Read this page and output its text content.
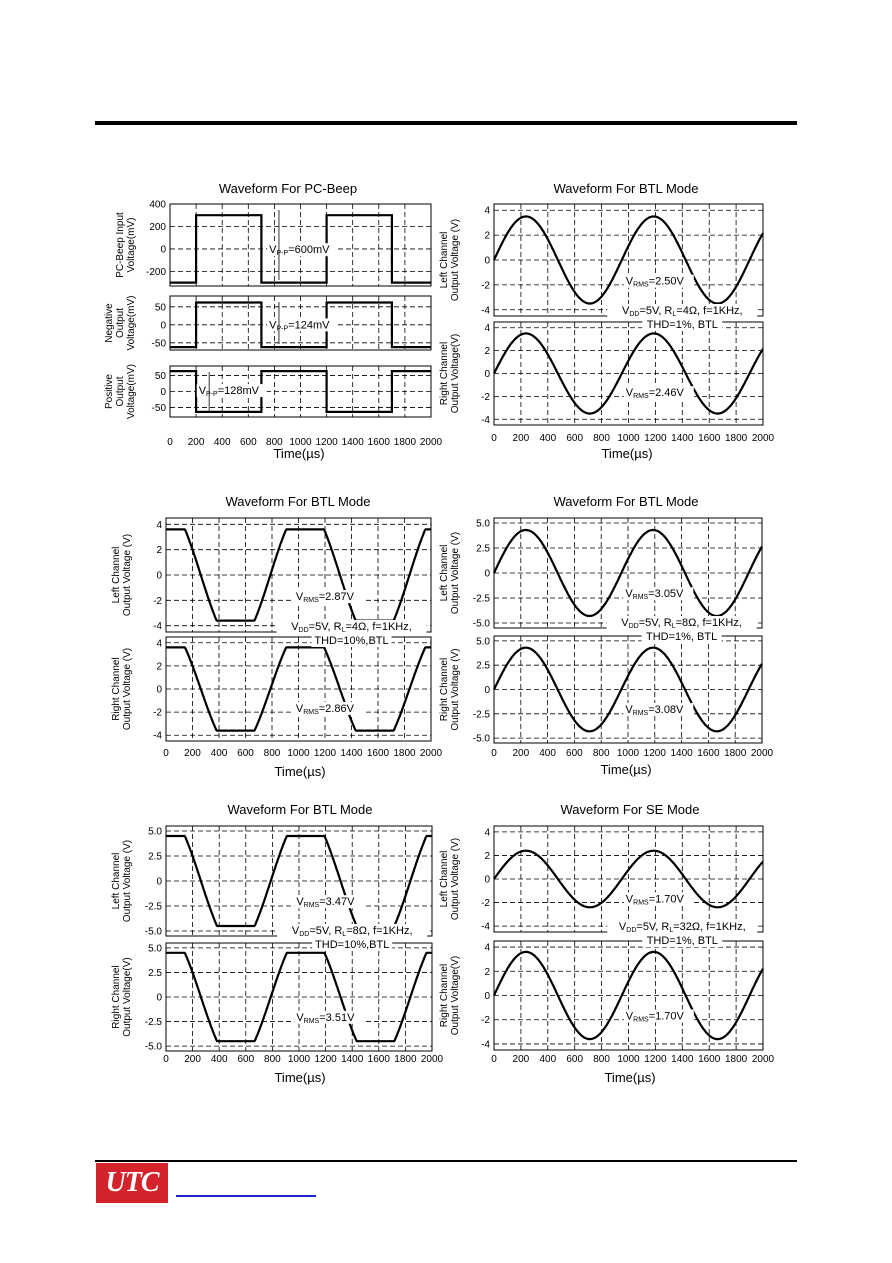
Waveform For PC-Beep
400
200
0
-200
PC-Beep Input Voltage(mV)	VP-P=600mV
50
0
-50
Negative Output Voltage(mV)	VP-P=124mV
50
0
-50
Positive Output Voltage(mV)	VP-P=128mV
0 200 400 600 800 1000 1200 1400 1600 1800 2000
Time(µs)
Waveform For BTL Mode
4
2
0
-2
-4
Left Channel Output Voltage (V)	VRMS=2.50V
4
2
0
-2
-4
Right Channel Output Voltage(V)	VRMS=2.46V
VDD=5V, RL=4Ω, f=1KHz,
THD=1%, BTL
0 200 400 600 800 1000 1200 1400 1600 1800 2000
Time(µs)
Waveform For BTL Mode
4
2
0
-2
-4
Left Channel Output Voltage (V)	VRMS=2.87V
4
2
0
-2
-4
Right Channel Output Voltage (V)	VRMS=2.86V
VDD=5V, RL=4Ω, f=1KHz,
THD=10%,BTL
0 200 400 600 800 1000 1200 1400 1600 1800 2000
Time(µs)
Waveform For BTL Mode
5.0
2.5
0
-2.5
-5.0
Left Channel Output Voltage (V)	VRMS=3.05V
5.0
2.5
0
-2.5
-5.0
Right Channel Output Voltage (V)	VRMS=3.08V
VDD=5V, RL=8Ω, f=1KHz,
THD=1%, BTL
0 200 400 600 800 1000 1200 1400 1600 1800 2000
Time(µs)
Waveform For BTL Mode
5.0
2.5
0
-2.5
-5.0
Left Channel Output Voltage (V)	VRMS=3.47V
5.0
2.5
0
-2.5
-5.0
Right Channel Output Voltage(V)	VRMS=3.51V
VDD=5V, RL=8Ω, f=1KHz,
THD=10%,BTL
0 200 400 600 800 1000 1200 1400 1600 1800 2000
Time(µs)
Waveform For SE Mode
4
2
0
-2
-4
Left Channel Output Voltage (V)	VRMS=1.70V
4
2
0
-2
-4
Right Channel Output Voltage(V)	VRMS=1.70V
VDD=5V, RL=32Ω, f=1KHz,
THD=1%, BTL
0 200 400 600 800 1000 1200 1400 1600 1800 2000
Time(µs)
UTC
